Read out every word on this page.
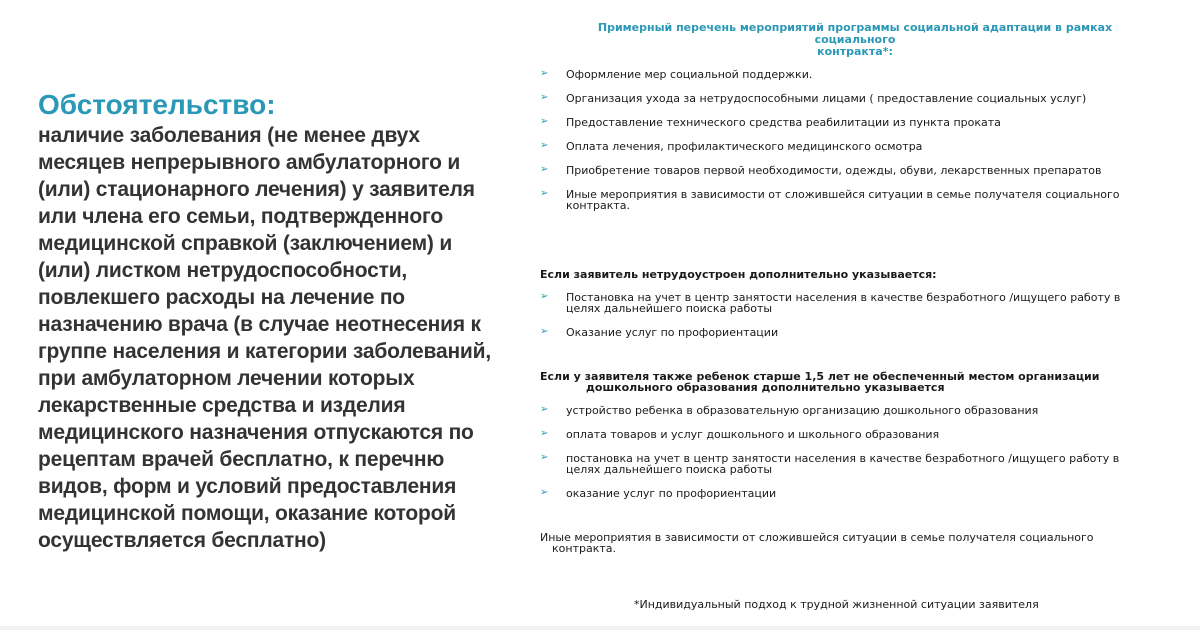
Обстоятельство:

наличие заболевания (не менее двух
месяцев непрерывного амбулаторного и
(или) стационарного лечения) у заявителя
или члена его семьи, подтвержденного
медицинской справкой (заключением) и
(или) листком нетрудоспособности,
повлекшего расходы на лечение по
назначению врача (в случае неотнесения к
группе населения и категории заболеваний,
при амбулаторном лечении которых
лекарственные средства и изделия
медицинского назначения отпускаются по
рецептам врачей бесплатно, к перечню
видов, форм и условий предоставления
медицинской помощи, оказание которой
осуществляется бесплатно)

Примерный перечень мероприятий программы социальной адаптации в рамках социального
контракта*:
➢ Оформление мер социальной поддержки.
➢ Организация ухода за нетрудоспособными лицами ( предоставление социальных услуг)
➢ Предоставление технического средства реабилитации из пункта проката
➢ Оплата лечения, профилактического медицинского осмотра
➢ Приобретение товаров первой необходимости, одежды, обуви, лекарственных препаратов
➢ Иные мероприятия в зависимости от сложившейся ситуации в семье получателя социального контракта.
Если заявитель нетрудоустроен дополнительно указывается:
➢ Постановка на учет в центр занятости населения в качестве безработного /ищущего работу в целях дальнейшего поиска работы
➢ Оказание услуг по профориентации
Если у заявителя также ребенок старше 1,5 лет не обеспеченный местом организации
дошкольного образования дополнительно указывается
➢ устройство ребенка в образовательную организацию дошкольного образования
➢ оплата товаров и услуг дошкольного и школьного образования
➢ постановка на учет в центр занятости населения в качестве безработного /ищущего работу в целях дальнейшего поиска работы
➢ оказание услуг по профориентации
Иные мероприятия в зависимости от сложившейся ситуации в семье получателя социального
контракта.
*Индивидуальный подход к трудной жизненной ситуации заявителя
